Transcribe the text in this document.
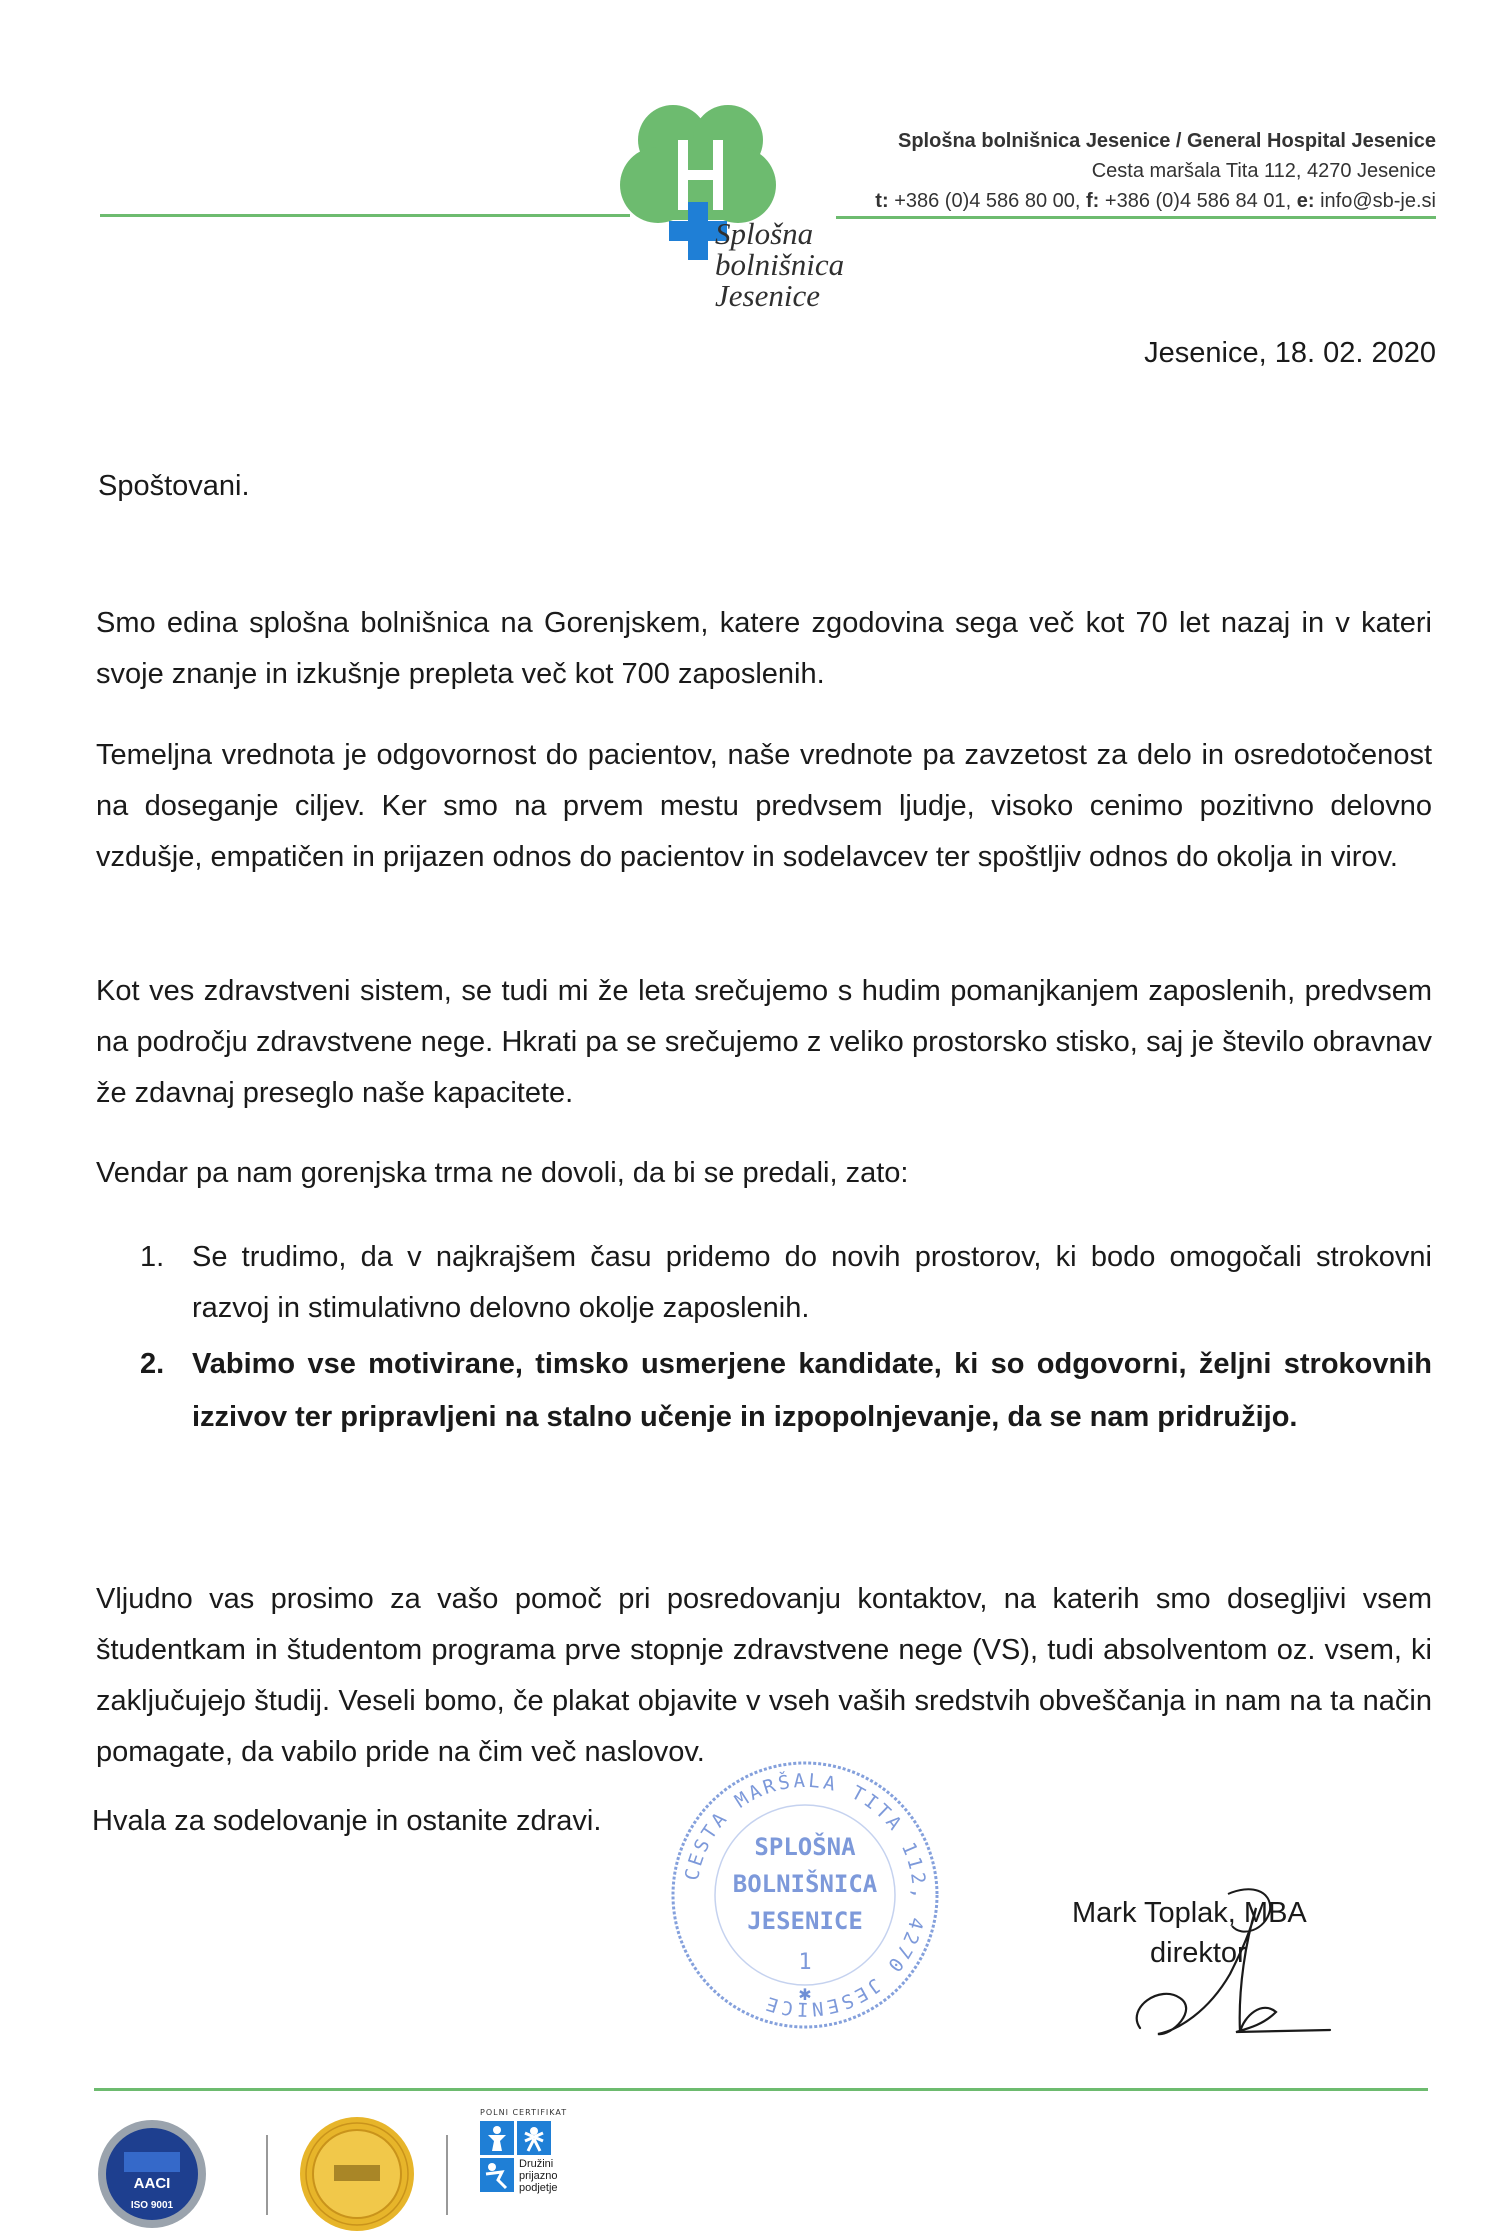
Splošna
bolnišnica
Jesenice
Splošna bolnišnica Jesenice / General Hospital Jesenice
Cesta maršala Tita 112, 4270 Jesenice
t: +386 (0)4 586 80 00, f: +386 (0)4 586 84 01, e: info@sb-je.si
Jesenice, 18. 02. 2020
Spoštovani.
Smo edina splošna bolnišnica na Gorenjskem, katere zgodovina sega več kot 70 let nazaj in v kateri svoje znanje in izkušnje prepleta več kot 700 zaposlenih.
Temeljna vrednota je odgovornost do pacientov, naše vrednote pa zavzetost za delo in osredotočenost na doseganje ciljev. Ker smo na prvem mestu predvsem ljudje, visoko cenimo pozitivno delovno vzdušje, empatičen in prijazen odnos do pacientov in sodelavcev ter spoštljiv odnos do okolja in virov.
Kot ves zdravstveni sistem, se tudi mi že leta srečujemo s hudim pomanjkanjem zaposlenih, predvsem na področju zdravstvene nege. Hkrati pa se srečujemo z veliko prostorsko stisko, saj je število obravnav že zdavnaj preseglo naše kapacitete.
Vendar pa nam gorenjska trma ne dovoli, da bi se predali, zato:
1. Se trudimo, da v najkrajšem času pridemo do novih prostorov, ki bodo omogočali strokovni razvoj in stimulativno delovno okolje zaposlenih.
2. Vabimo vse motivirane, timsko usmerjene kandidate, ki so odgovorni, željni strokovnih izzivov ter pripravljeni na stalno učenje in izpopolnjevanje, da se nam pridružijo.
Vljudno vas prosimo za vašo pomoč pri posredovanju kontaktov, na katerih smo dosegljivi vsem študentkam in študentom programa prve stopnje zdravstvene nege (VS), tudi absolventom oz. vsem, ki zaključujejo študij. Veseli bomo, če plakat objavite v vseh vaših sredstvih obveščanja in nam na ta način pomagate, da vabilo pride na čim več naslovov.
Hvala za sodelovanje in ostanite zdravi.
CESTA MARŠALA TITA 112, 4270 JESENICE
SPLOŠNA
BOLNIŠNICA
JESENICE
1
✱
Mark Toplak, MBA
direktor
AACI
ISO 9001
POLNI CERTIFIKAT
Družini
prijazno
podjetje
